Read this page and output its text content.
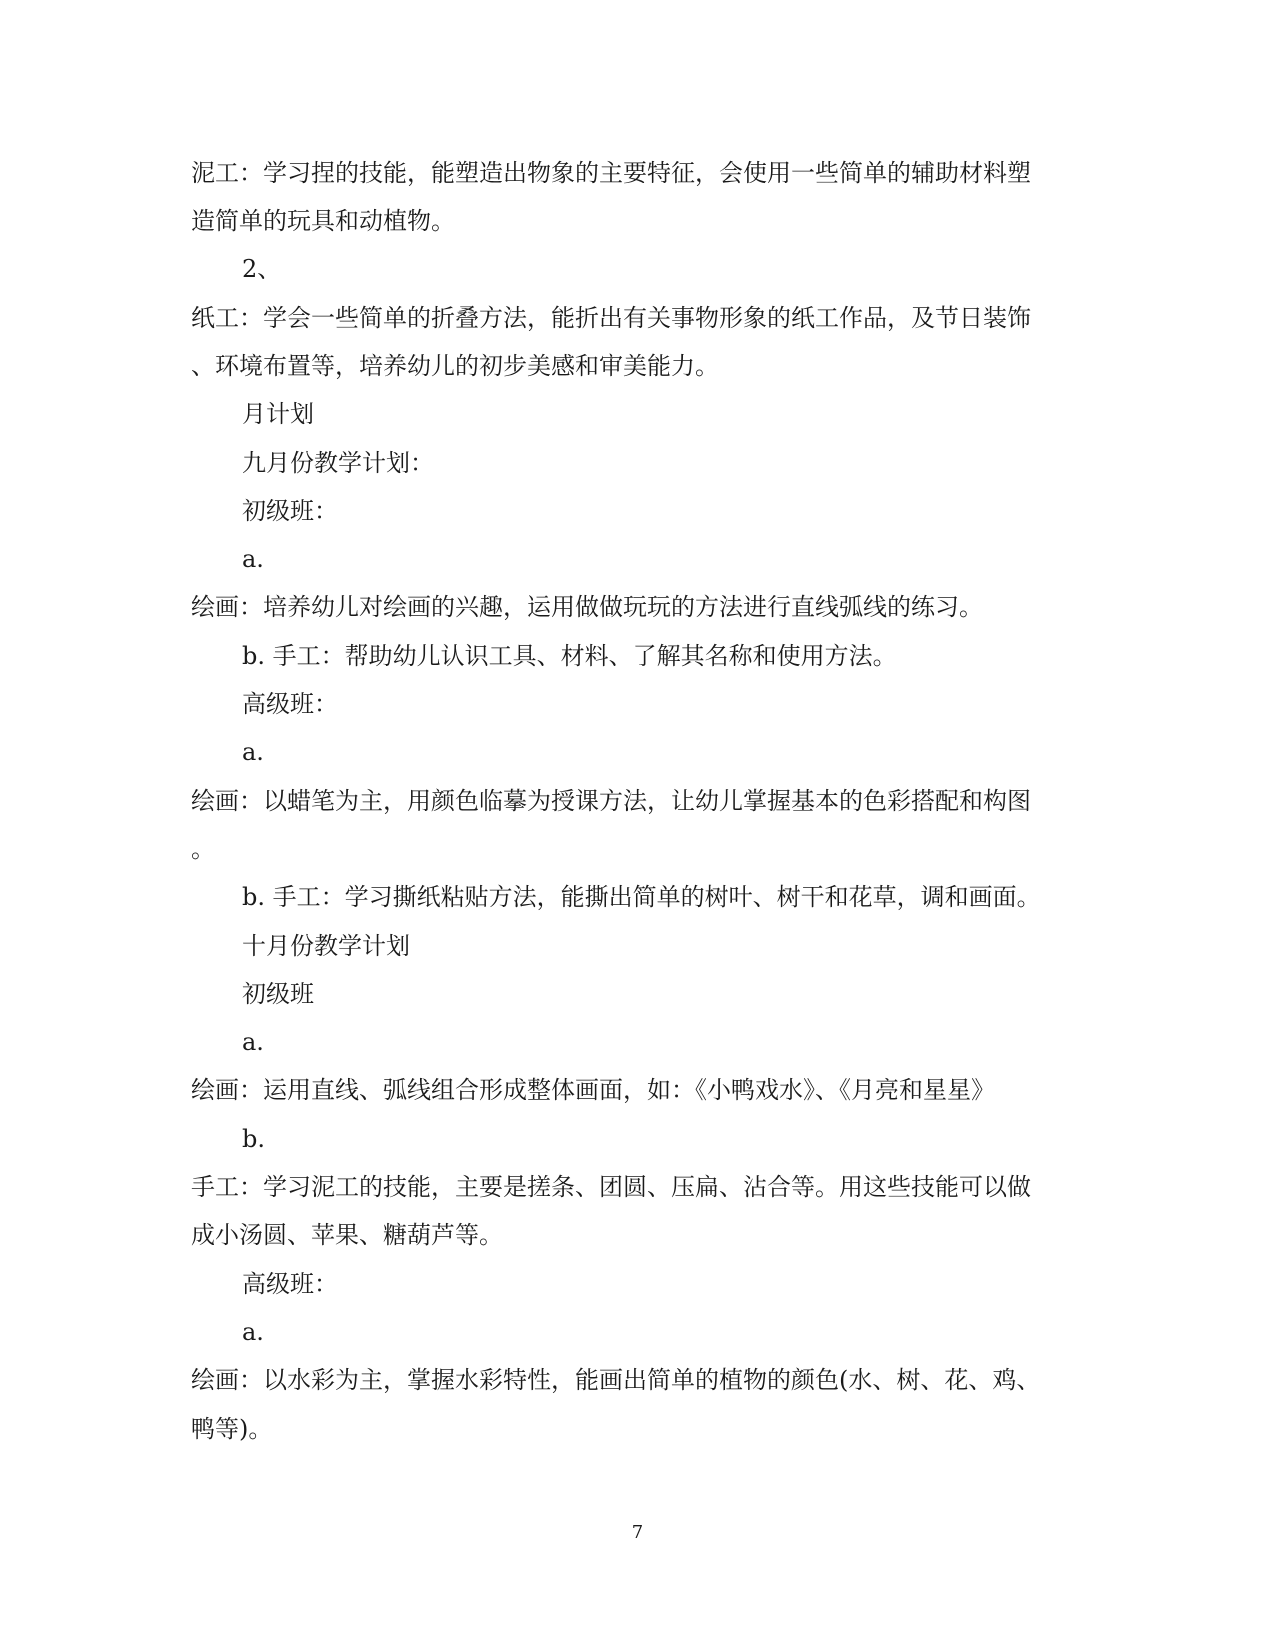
泥工：学习捏的技能，能塑造出物象的主要特征，会使用一些简单的辅助材料塑
造简单的玩具和动植物。
2、
纸工：学会一些简单的折叠方法，能折出有关事物形象的纸工作品，及节日装饰
、环境布置等，培养幼儿的初步美感和审美能力。
月计划
九月份教学计划：
初级班：
a.
绘画：培养幼儿对绘画的兴趣，运用做做玩玩的方法进行直线弧线的练习。
b. 手工：帮助幼儿认识工具、材料、了解其名称和使用方法。
高级班：
a.
绘画：以蜡笔为主，用颜色临摹为授课方法，让幼儿掌握基本的色彩搭配和构图
。
b. 手工：学习撕纸粘贴方法，能撕出简单的树叶、树干和花草，调和画面。
十月份教学计划
初级班
a.
绘画：运用直线、弧线组合形成整体画面，如：《小鸭戏水》、《月亮和星星》
b.
手工：学习泥工的技能，主要是搓条、团圆、压扁、沾合等。用这些技能可以做
成小汤圆、苹果、糖葫芦等。
高级班：
a.
绘画：以水彩为主，掌握水彩特性，能画出简单的植物的颜色(水、树、花、鸡、
鸭等)。
7
